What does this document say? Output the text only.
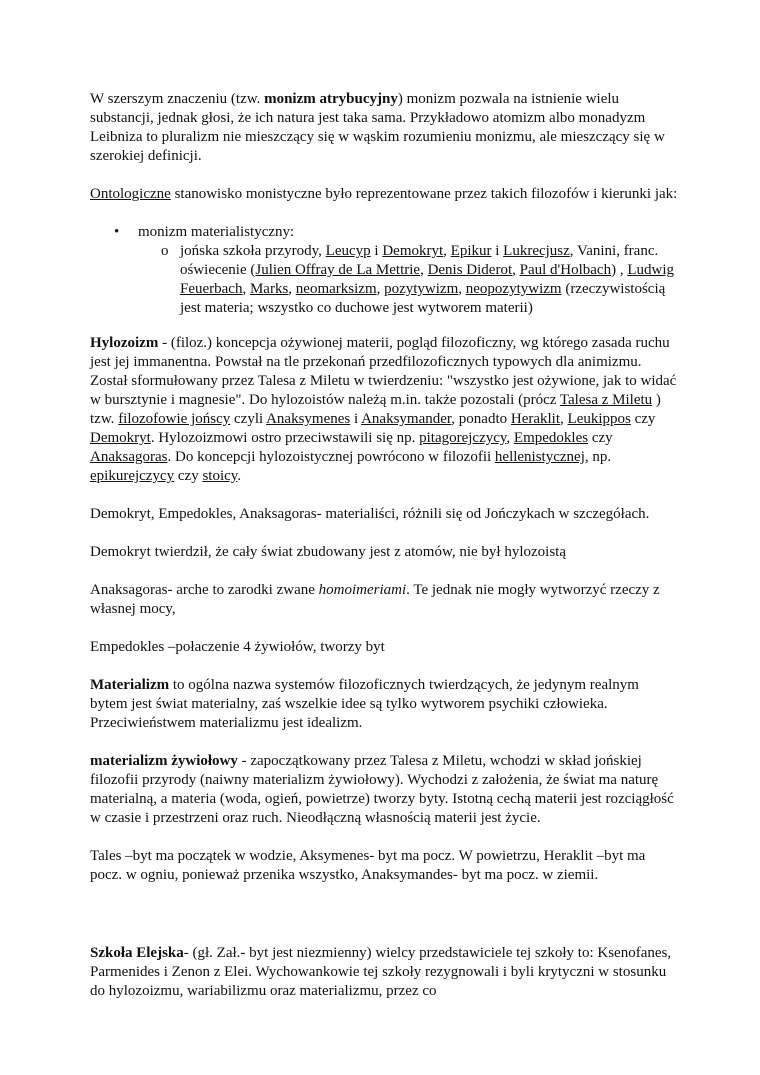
W szerszym znaczeniu (tzw. monizm atrybucyjny) monizm pozwala na istnienie wielu substancji, jednak głosi, że ich natura jest taka sama. Przykładowo atomizm albo monadyzm Leibniza to pluralizm nie mieszczący się w wąskim rozumieniu monizmu, ale mieszczący się w szerokiej definicji.

Ontologiczne stanowisko monistyczne było reprezentowane przez takich filozofów i kierunki jak:

• monizm materialistyczny:
o jońska szkoła przyrody, Leucyp i Demokryt, Epikur i Lukrecjusz, Vanini, franc. oświecenie (Julien Offray de La Mettrie, Denis Diderot, Paul d'Holbach) , Ludwig Feuerbach, Marks, neomarksizm, pozytywizm, neopozytywizm (rzeczywistością jest materia; wszystko co duchowe jest wytworem materii)

Hylozoizm - (filoz.) koncepcja ożywionej materii, pogląd filozoficzny, wg którego zasada ruchu jest jej immanentna. Powstał na tle przekonań przedfilozoficznych typowych dla animizmu. Został sformułowany przez Talesa z Miletu w twierdzeniu: "wszystko jest ożywione, jak to widać w bursztynie i magnesie". Do hylozoistów należą m.in. także pozostali (prócz Talesa z Miletu ) tzw. filozofowie jońscy czyli Anaksymenes i Anaksymander, ponadto Heraklit, Leukippos czy Demokryt. Hylozoizmowi ostro przeciwstawili się np. pitagorejczycy, Empedokles czy Anaksagoras. Do koncepcji hylozoistycznej powrócono w filozofii hellenistycznej, np. epikurejczycy czy stoicy.

Demokryt, Empedokles, Anaksagoras- materialiści, różnili się od Jończykach w szczegółach.

Demokryt twierdził, że cały świat zbudowany jest z atomów, nie był hylozoistą

Anaksagoras- arche to zarodki zwane homoimeriami. Te jednak nie mogły wytworzyć rzeczy z własnej mocy,

Empedokles –połaczenie 4 żywiołów, tworzy byt

Materializm to ogólna nazwa systemów filozoficznych twierdzących, że jedynym realnym bytem jest świat materialny, zaś wszelkie idee są tylko wytworem psychiki człowieka. Przeciwieństwem materializmu jest idealizm.

materializm żywiołowy - zapoczątkowany przez Talesa z Miletu, wchodzi w skład jońskiej filozofii przyrody (naiwny materializm żywiołowy). Wychodzi z założenia, że świat ma naturę materialną, a materia (woda, ogień, powietrze) tworzy byty. Istotną cechą materii jest rozciągłość w czasie i przestrzeni oraz ruch. Nieodłączną własnością materii jest życie.

Tales –byt ma początek w wodzie, Aksymenes- byt ma pocz. W powietrzu, Heraklit –byt ma pocz. w ogniu, ponieważ przenika wszystko, Anaksymandes- byt ma pocz. w ziemii.

Szkoła Elejska- (gł. Zał.- byt jest niezmienny) wielcy przedstawiciele tej szkoły to: Ksenofanes, Parmenides i Zenon z Elei. Wychowankowie tej szkoły rezygnowali i byli krytyczni w stosunku do hylozoizmu, wariabilizmu oraz materializmu, przez co
